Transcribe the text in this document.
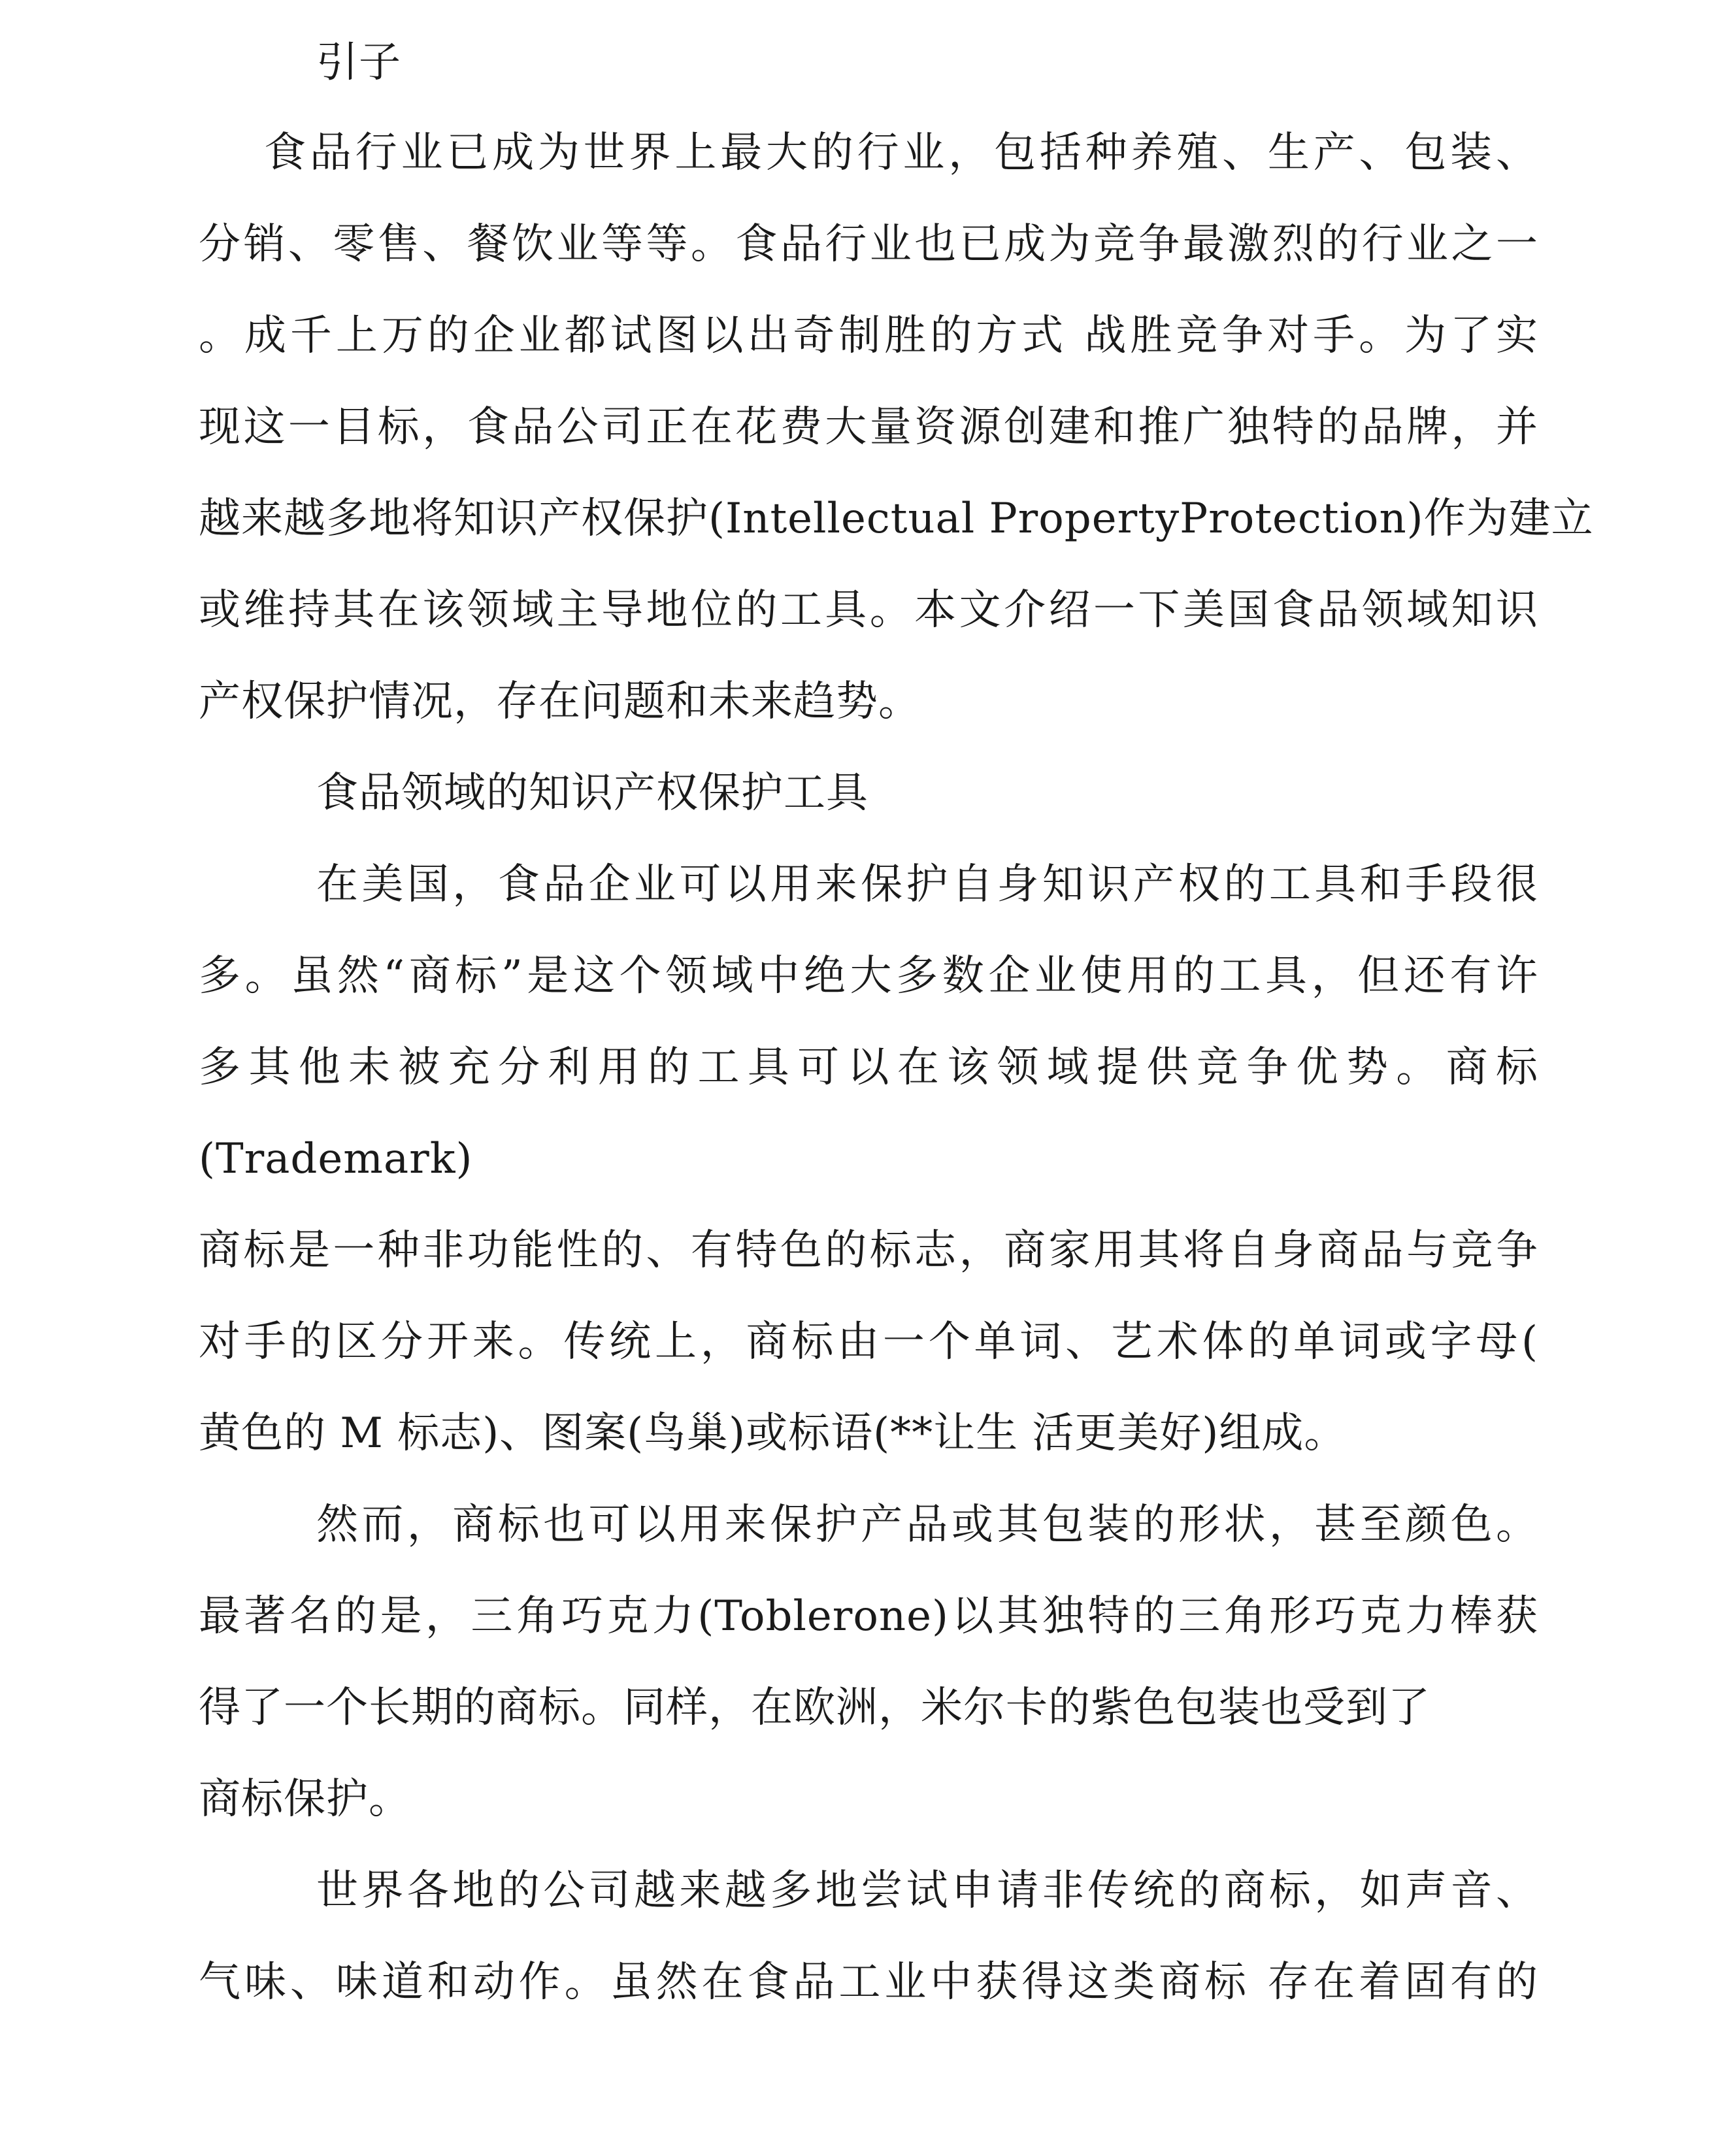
引子
食品行业已成为世界上最大的行业，包括种养殖、生产、包装、
分销、零售、餐饮业等等。食品行业也已成为竞争最激烈的行业之一
。成千上万的企业都试图以出奇制胜的方式 战胜竞争对手。为了实
现这一目标，食品公司正在花费大量资源创建和推广独特的品牌，并
越来越多地将知识产权保护(Intellectual PropertyProtection)作为建立
或维持其在该领域主导地位的工具。本文介绍一下美国食品领域知识
产权保护情况，存在问题和未来趋势。
食品领域的知识产权保护工具
在美国，食品企业可以用来保护自身知识产权的工具和手段很
多。虽然“商标”是这个领域中绝大多数企业使用的工具，但还有许
多其他未被充分利用的工具可以在该领域提供竞争优势。商标
(Trademark)
商标是一种非功能性的、有特色的标志，商家用其将自身商品与竞争
对手的区分开来。传统上，商标由一个单词、艺术体的单词或字母(
黄色的 M 标志)、图案(鸟巢)或标语(**让生 活更美好)组成。
然而，商标也可以用来保护产品或其包装的形状，甚至颜色。
最著名的是，三角巧克力(Toblerone)以其独特的三角形巧克力棒获
得了一个长期的商标。同样，在欧洲，米尔卡的紫色包装也受到了
商标保护。
世界各地的公司越来越多地尝试申请非传统的商标，如声音、
气味、味道和动作。虽然在食品工业中获得这类商标 存在着固有的
